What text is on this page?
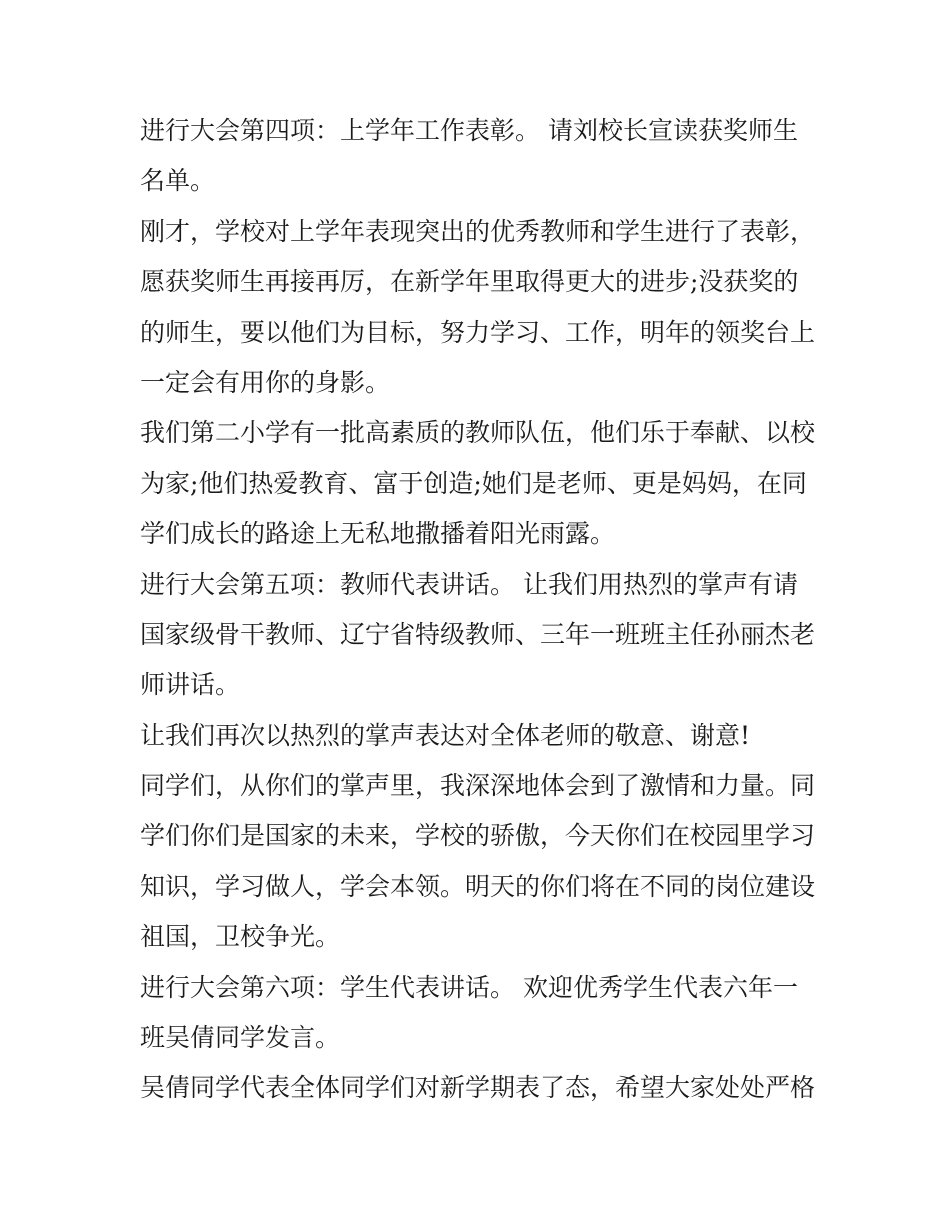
进行大会第四项：上学年工作表彰。 请刘校长宣读获奖师生
名单。

刚才，学校对上学年表现突出的优秀教师和学生进行了表彰，
愿获奖师生再接再厉，在新学年里取得更大的进步;没获奖的
的师生，要以他们为目标，努力学习、工作，明年的领奖台上
一定会有用你的身影。

我们第二小学有一批高素质的教师队伍，他们乐于奉献、以校
为家;他们热爱教育、富于创造;她们是老师、更是妈妈，在同
学们成长的路途上无私地撒播着阳光雨露。

进行大会第五项：教师代表讲话。 让我们用热烈的掌声有请
国家级骨干教师、辽宁省特级教师、三年一班班主任孙丽杰老
师讲话。

让我们再次以热烈的掌声表达对全体老师的敬意、谢意!

同学们，从你们的掌声里，我深深地体会到了激情和力量。同
学们你们是国家的未来，学校的骄傲，今天你们在校园里学习
知识，学习做人，学会本领。明天的你们将在不同的岗位建设
祖国，卫校争光。

进行大会第六项：学生代表讲话。 欢迎优秀学生代表六年一
班吴倩同学发言。

吴倩同学代表全体同学们对新学期表了态，希望大家处处严格
